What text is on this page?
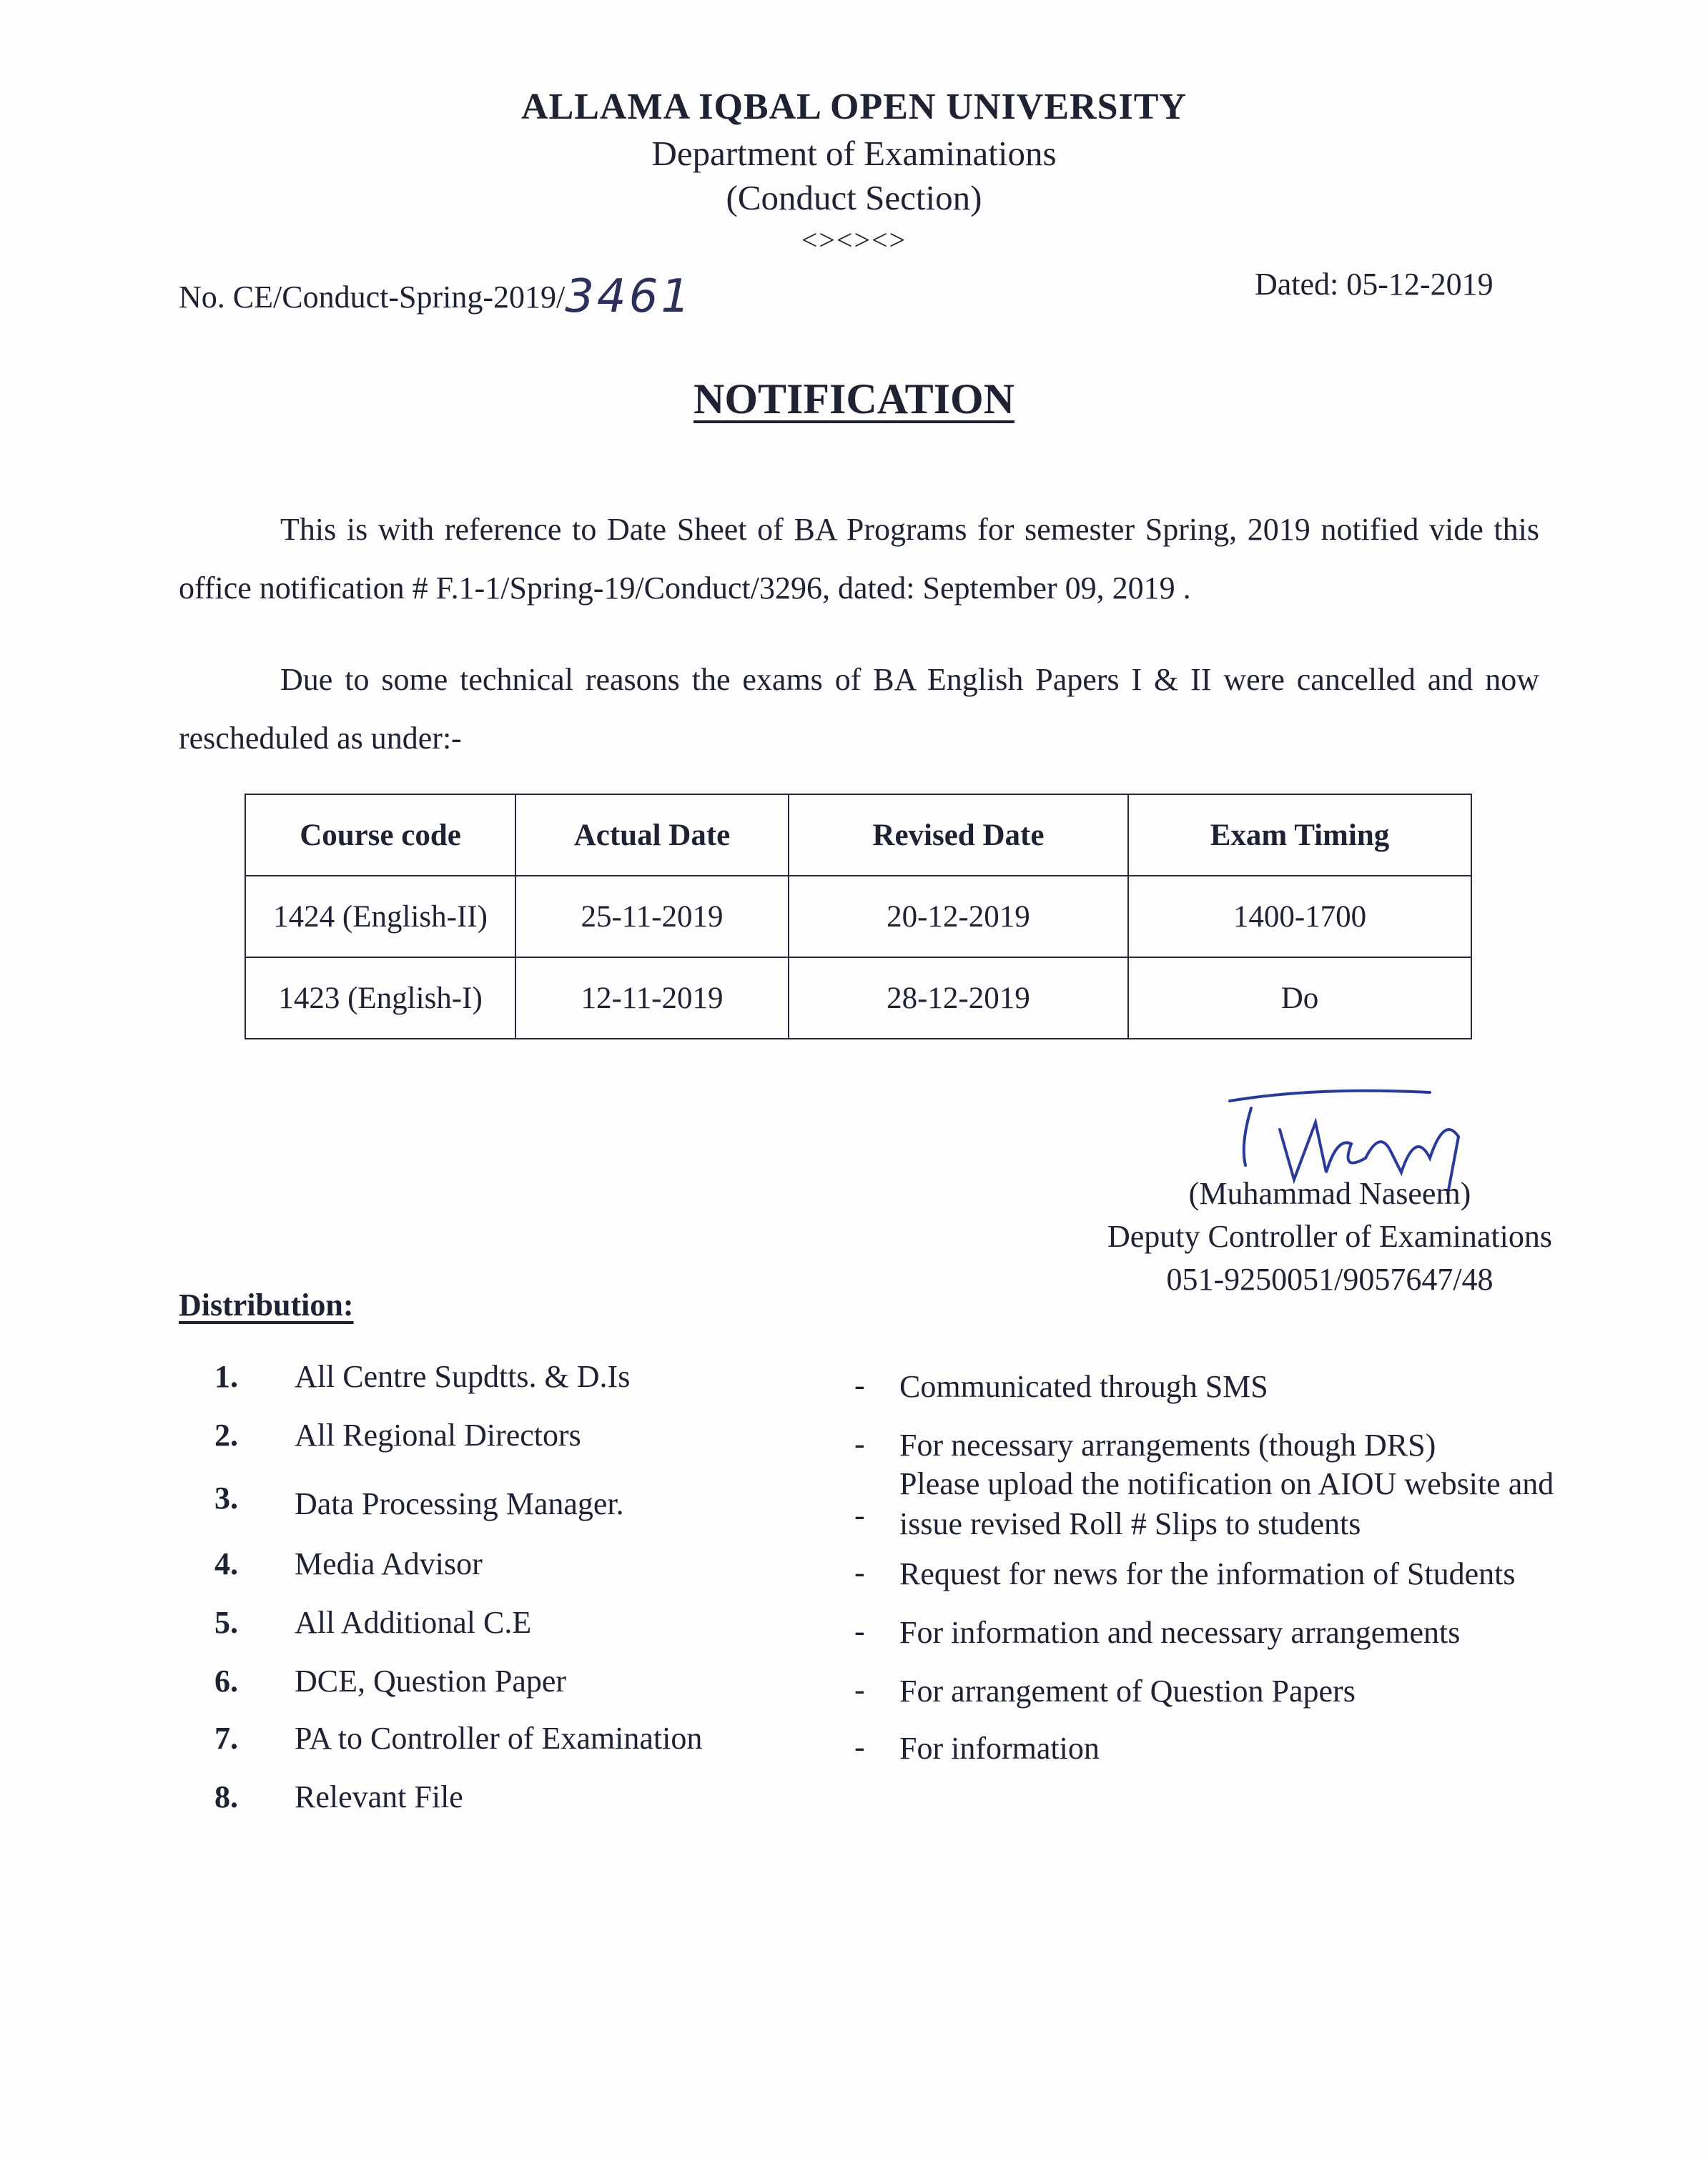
ALLAMA IQBAL OPEN UNIVERSITY
Department of Examinations
(Conduct Section)
<><><>
No. CE/Conduct-Spring-2019/3461	Dated: 05-12-2019
NOTIFICATION
This is with reference to Date Sheet of BA Programs for semester Spring, 2019 notified vide this office notification # F.1-1/Spring-19/Conduct/3296, dated: September 09, 2019 .
Due to some technical reasons the exams of BA English Papers I & II were cancelled and now rescheduled as under:-
Course code	Actual Date	Revised Date	Exam Timing
1424 (English-II)	25-11-2019	20-12-2019	1400-1700
1423 (English-I)	12-11-2019	28-12-2019	Do
(Muhammad Naseem)
Deputy Controller of Examinations
051-9250051/9057647/48
Distribution:
1. All Centre Supdtts. & D.Is	- Communicated through SMS
2. All Regional Directors	- For necessary arrangements (though DRS)
3. Data Processing Manager.	-
Please upload the notification on AIOU website and issue revised Roll # Slips to students
4. Media Advisor	- Request for news for the information of Students
5. All Additional C.E	- For information and necessary arrangements
6. DCE, Question Paper	- For arrangement of Question Papers
7. PA to Controller of Examination	- For information
8. Relevant File
